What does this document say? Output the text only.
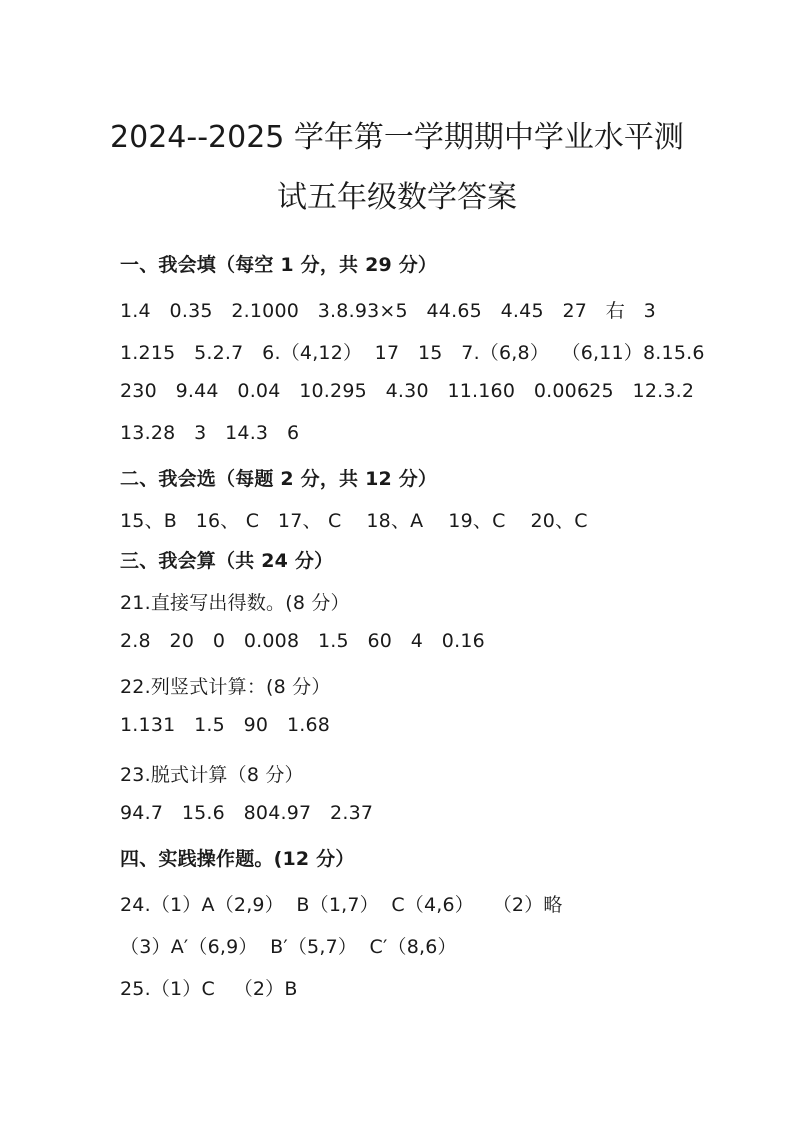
2024--2025 学年第一学期期中学业水平测
试五年级数学答案
一、我会填（每空 1 分，共 29 分）
1.4   0.35   2.1000   3.8.93×5   44.65   4.45   27   右   3
1.215   5.2.7   6.（4,12）  17   15   7.（6,8）  （6,11）8.15.6
230   9.44   0.04   10.295   4.30   11.160   0.00625   12.3.2
13.28   3   14.3   6
二、我会选（每题 2 分，共 12 分）
15、B   16、 C   17、 C    18、A    19、C    20、C
三、我会算（共 24 分）
21.直接写出得数。(8 分）
2.8   20   0   0.008   1.5   60   4   0.16
22.列竖式计算：(8 分）
1.131   1.5   90   1.68
23.脱式计算（8 分）
94.7   15.6   804.97   2.37
四、实践操作题。(12 分）
24.（1）A（2,9）  B（1,7）  C（4,6）   （2）略
（3）A′（6,9）  B′（5,7）  C′（8,6）
25.（1）C   （2）B
